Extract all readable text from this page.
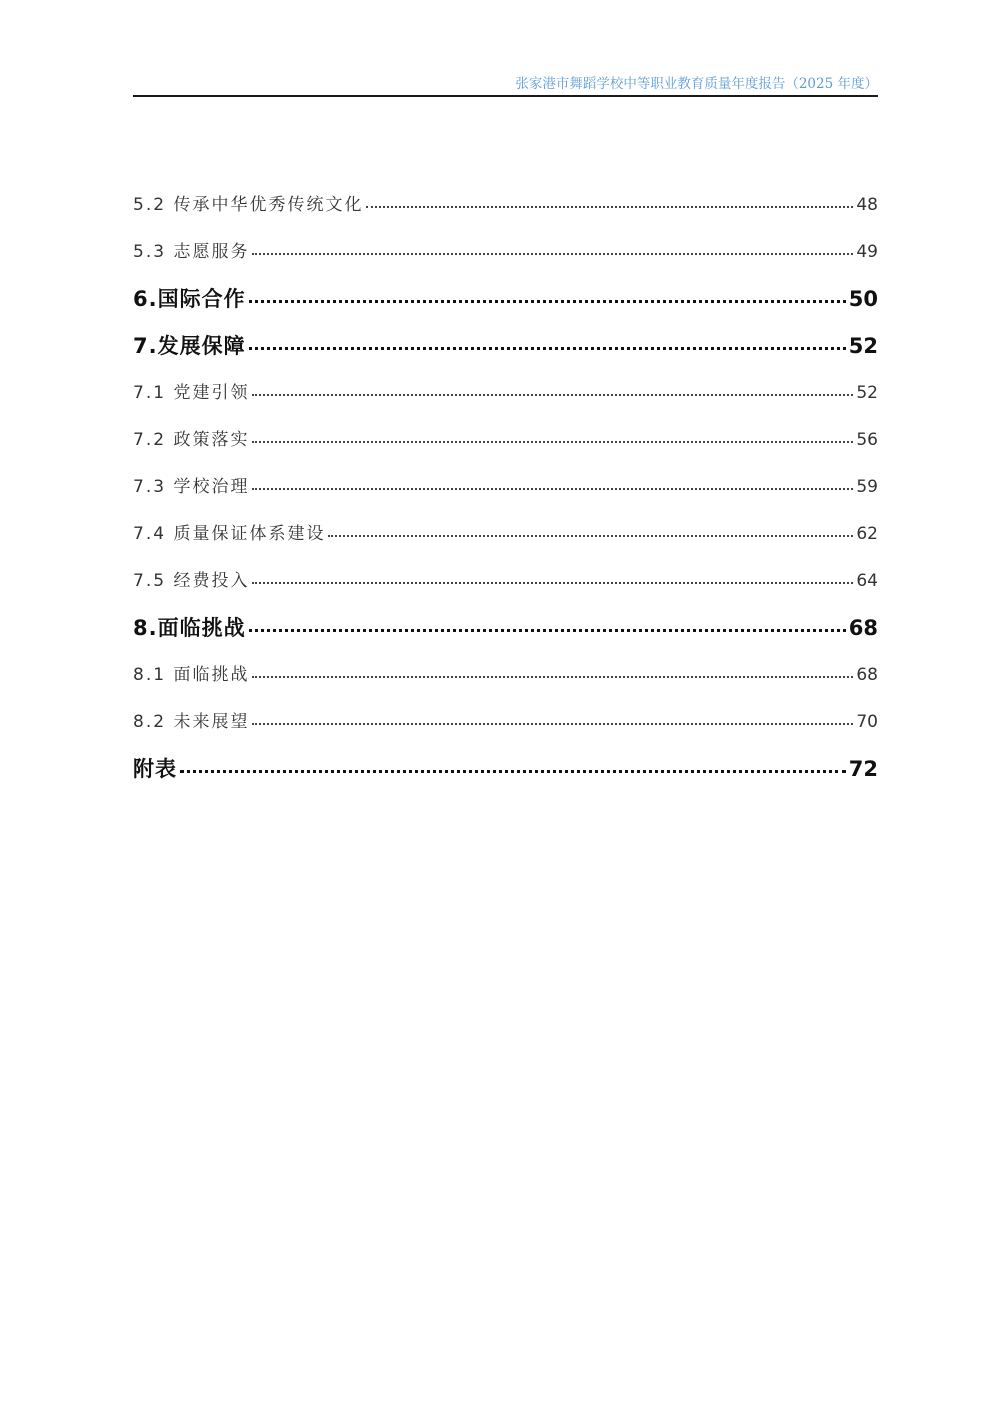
张家港市舞蹈学校中等职业教育质量年度报告（2025 年度）
5.2 传承中华优秀传统文化	48
5.3 志愿服务	49
6.国际合作	50
7.发展保障	52
7.1 党建引领	52
7.2 政策落实	56
7.3 学校治理	59
7.4 质量保证体系建设	62
7.5 经费投入	64
8.面临挑战	68
8.1 面临挑战	68
8.2 未来展望	70
附表	72
